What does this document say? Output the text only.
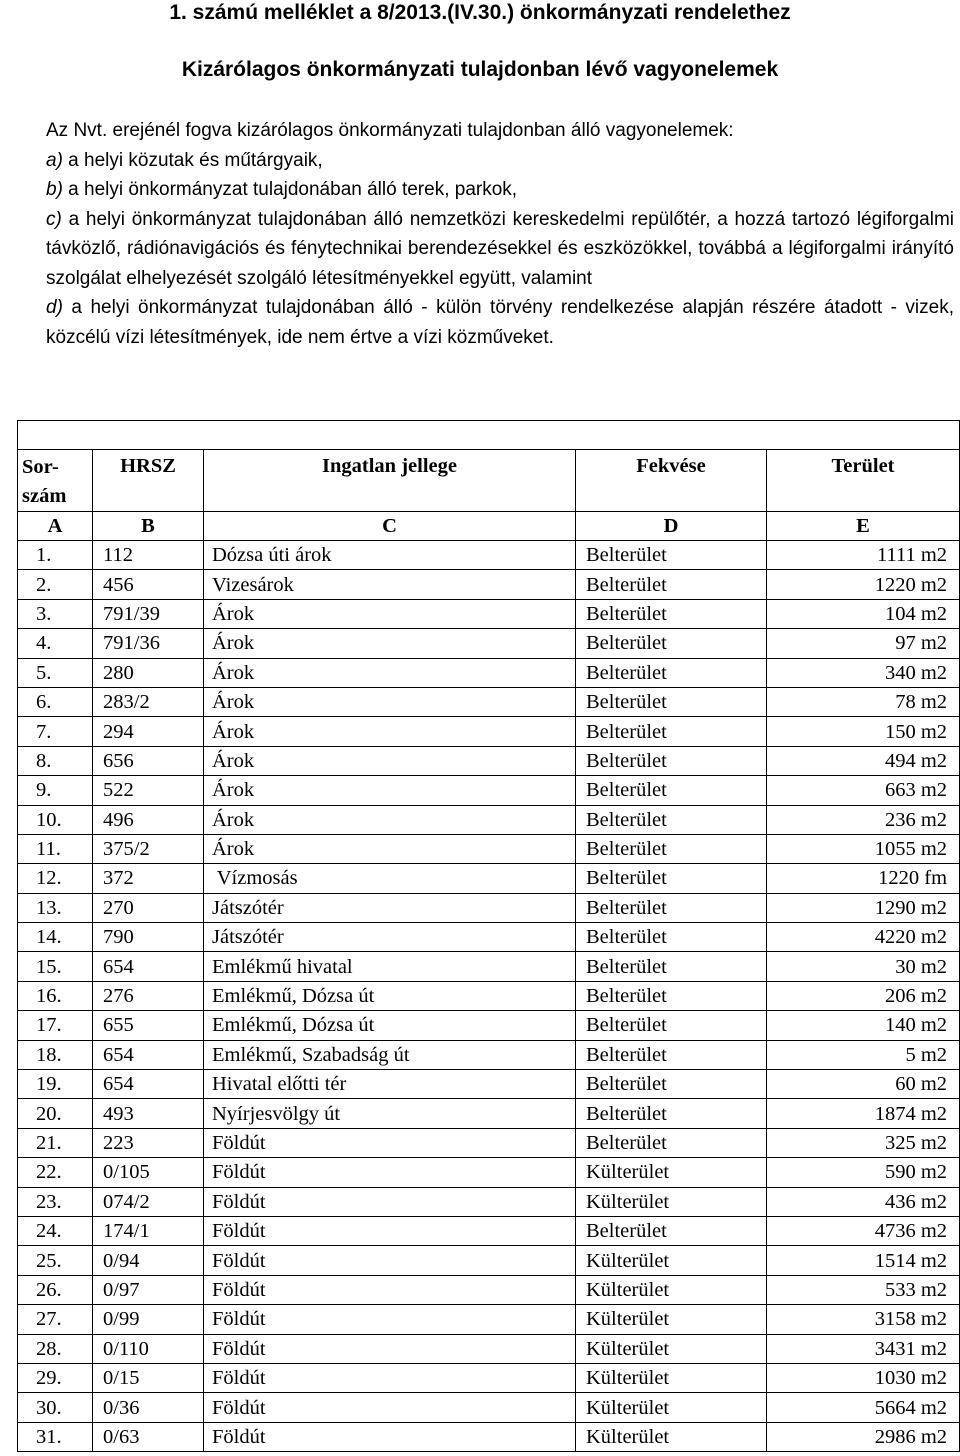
1. számú melléklet a 8/2013.(IV.30.) önkormányzati rendelethez
Kizárólagos önkormányzati tulajdonban lévő vagyonelemek

Az Nvt. erejénél fogva kizárólagos önkormányzati tulajdonban álló vagyonelemek:

a) a helyi közutak és műtárgyaik,

b) a helyi önkormányzat tulajdonában álló terek, parkok,

c) a helyi önkormányzat tulajdonában álló nemzetközi kereskedelmi repülőtér, a hozzá tartozó légiforgalmi távközlő, rádiónavigációs és fénytechnikai berendezésekkel és eszközökkel, továbbá a légiforgalmi irányító szolgálat elhelyezését szolgáló létesítményekkel együtt, valamint

d) a helyi önkormányzat tulajdonában álló - külön törvény rendelkezése alapján részére átadott - vizek, közcélú vízi létesítmények, ide nem értve a vízi közműveket.

Sor-
szám	HRSZ	Ingatlan jellege	Fekvése	Terület
A	B	C	D	E
1.	112	Dózsa úti árok	Belterület	1111 m2
2.	456	Vizesárok	Belterület	1220 m2
3.	791/39	Árok	Belterület	104 m2
4.	791/36	Árok	Belterület	97 m2
5.	280	Árok	Belterület	340 m2
6.	283/2	Árok	Belterület	78 m2
7.	294	Árok	Belterület	150 m2
8.	656	Árok	Belterület	494 m2
9.	522	Árok	Belterület	663 m2
10.	496	Árok	Belterület	236 m2
11.	375/2	Árok	Belterület	1055 m2
12.	372	Vízmosás	Belterület	1220 fm
13.	270	Játszótér	Belterület	1290 m2
14.	790	Játszótér	Belterület	4220 m2
15.	654	Emlékmű hivatal	Belterület	30 m2
16.	276	Emlékmű, Dózsa út	Belterület	206 m2
17.	655	Emlékmű, Dózsa út	Belterület	140 m2
18.	654	Emlékmű, Szabadság út	Belterület	5 m2
19.	654	Hivatal előtti tér	Belterület	60 m2
20.	493	Nyírjesvölgy út	Belterület	1874 m2
21.	223	Földút	Belterület	325 m2
22.	0/105	Földút	Külterület	590 m2
23.	074/2	Földút	Külterület	436 m2
24.	174/1	Földút	Belterület	4736 m2
25.	0/94	Földút	Külterület	1514 m2
26.	0/97	Földút	Külterület	533 m2
27.	0/99	Földút	Külterület	3158 m2
28.	0/110	Földút	Külterület	3431 m2
29.	0/15	Földút	Külterület	1030 m2
30.	0/36	Földút	Külterület	5664 m2
31.	0/63	Földút	Külterület	2986 m2
